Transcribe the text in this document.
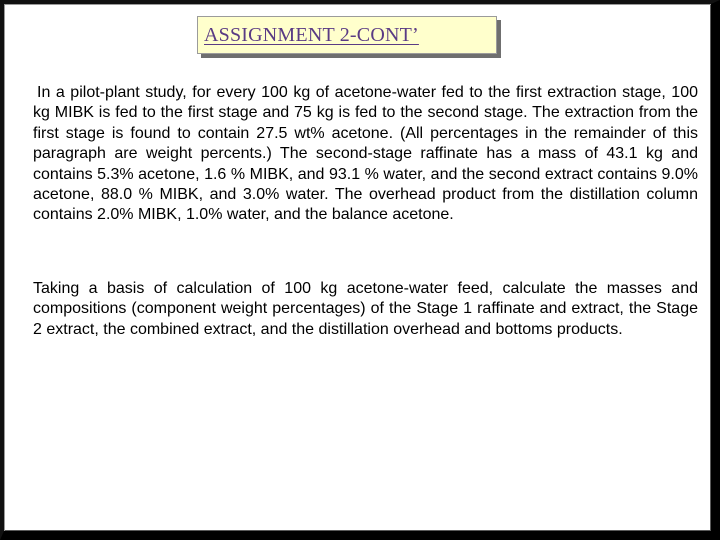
ASSIGNMENT 2-CONT’

In a pilot-plant study, for every 100 kg of acetone-water fed to the first extraction stage, 100 kg MIBK is fed to the first stage and 75 kg is fed to the second stage. The extraction from the first stage is found to contain 27.5 wt% acetone. (All percentages in the remainder of this paragraph are weight percents.) The second-stage raffinate has a mass of 43.1 kg and contains 5.3% acetone, 1.6 % MIBK, and 93.1 % water, and the second extract contains 9.0% acetone, 88.0 % MIBK, and 3.0% water. The overhead product from the distillation column contains 2.0% MIBK, 1.0% water, and the balance acetone.

Taking a basis of calculation of 100 kg acetone-water feed, calculate the masses and compositions (component weight percentages) of the Stage 1 raffinate and extract, the Stage 2 extract, the combined extract, and the distillation overhead and bottoms products.
